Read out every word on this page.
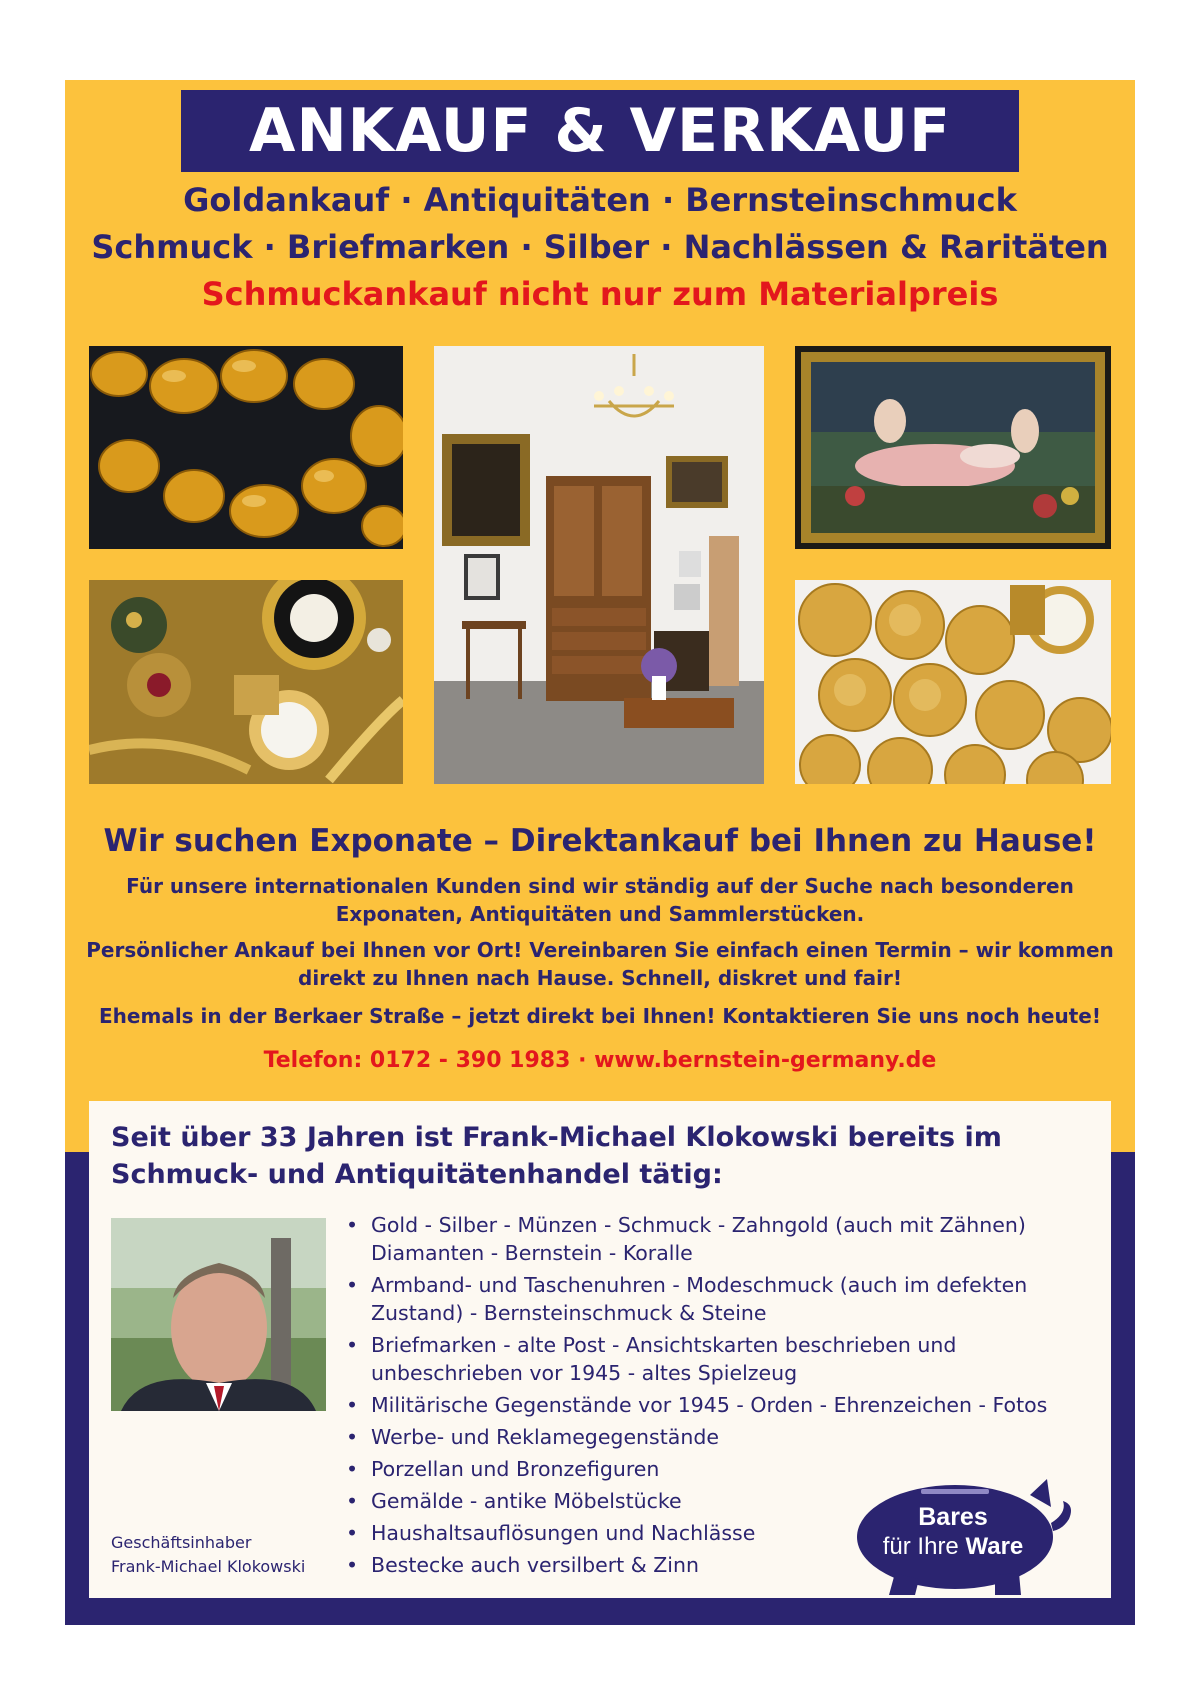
ANKAUF & VERKAUF
Goldankauf · Antiquitäten · Bernsteinschmuck
Schmuck · Briefmarken · Silber · Nachlässen & Raritäten
Schmuckankauf nicht nur zum Materialpreis
Wir suchen Exponate – Direktankauf bei Ihnen zu Hause!
Für unsere internationalen Kunden sind wir ständig auf der Suche nach besonderen Exponaten, Antiquitäten und Sammlerstücken.
Persönlicher Ankauf bei Ihnen vor Ort! Vereinbaren Sie einfach einen Termin – wir kommen direkt zu Ihnen nach Hause. Schnell, diskret und fair!
Ehemals in der Berkaer Straße – jetzt direkt bei Ihnen! Kontaktieren Sie uns noch heute!
Telefon: 0172 - 390 1983 · www.bernstein-germany.de
Seit über 33 Jahren ist Frank-Michael Klokowski bereits im Schmuck- und Antiquitätenhandel tätig:
Geschäftsinhaber
Frank-Michael Klokowski
• Gold - Silber - Münzen - Schmuck - Zahngold (auch mit Zähnen) Diamanten - Bernstein - Koralle
• Armband- und Taschenuhren - Modeschmuck (auch im defekten Zustand) - Bernsteinschmuck & Steine
• Briefmarken - alte Post - Ansichtskarten beschrieben und unbeschrieben vor 1945 - altes Spielzeug
• Militärische Gegenstände vor 1945 - Orden - Ehrenzeichen - Fotos
• Werbe- und Reklamegegenstände
• Porzellan und Bronzefiguren
• Gemälde - antike Möbelstücke
• Haushaltsauflösungen und Nachlässe
• Bestecke auch versilbert & Zinn
Bares
für Ihre Ware
